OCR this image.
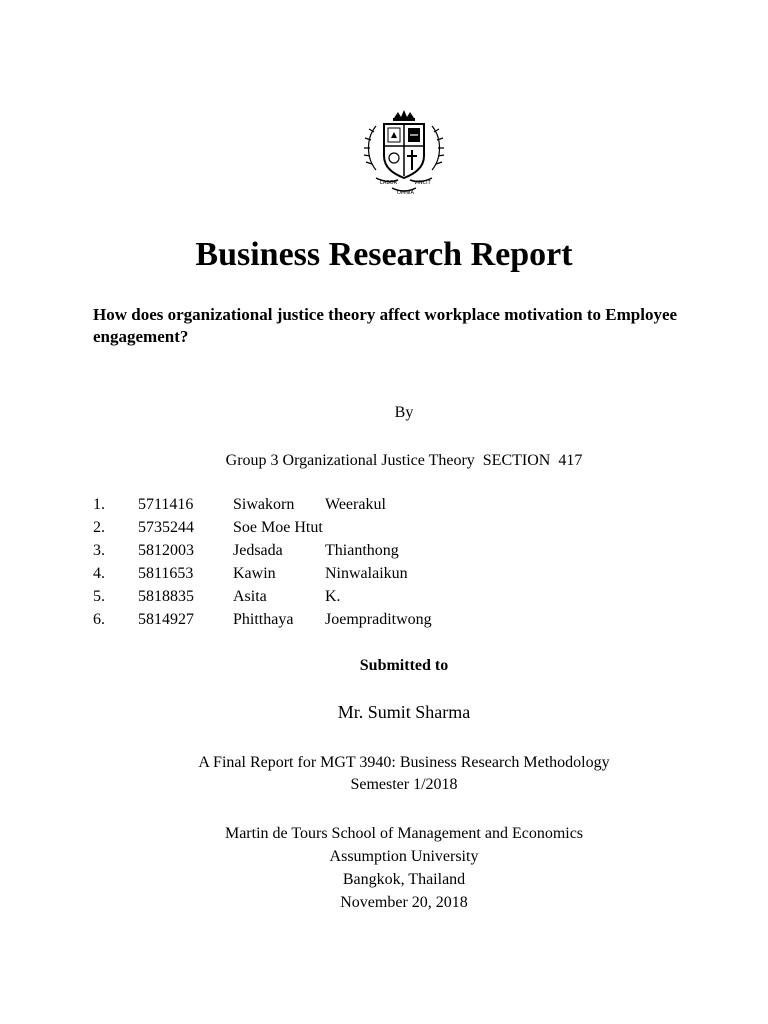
LABOR	VINCIT
OMNIA
Business Research Report

How does organizational justice theory affect workplace motivation to Employee engagement?

By

Group 3 Organizational Justice Theory  SECTION  417

1. 5711416 Siwakorn Weerakul
2. 5735244 Soe Moe Htut
3. 5812003 Jedsada	Thianthong
4. 5811653 Kawin	Ninwalaikun
5. 5818835 Asita	K.
6. 5814927 Phitthaya Joempraditwong

Submitted to

Mr. Sumit Sharma

A Final Report for MGT 3940: Business Research Methodology
Semester 1/2018
Martin de Tours School of Management and Economics
Assumption University
Bangkok, Thailand
November 20, 2018
